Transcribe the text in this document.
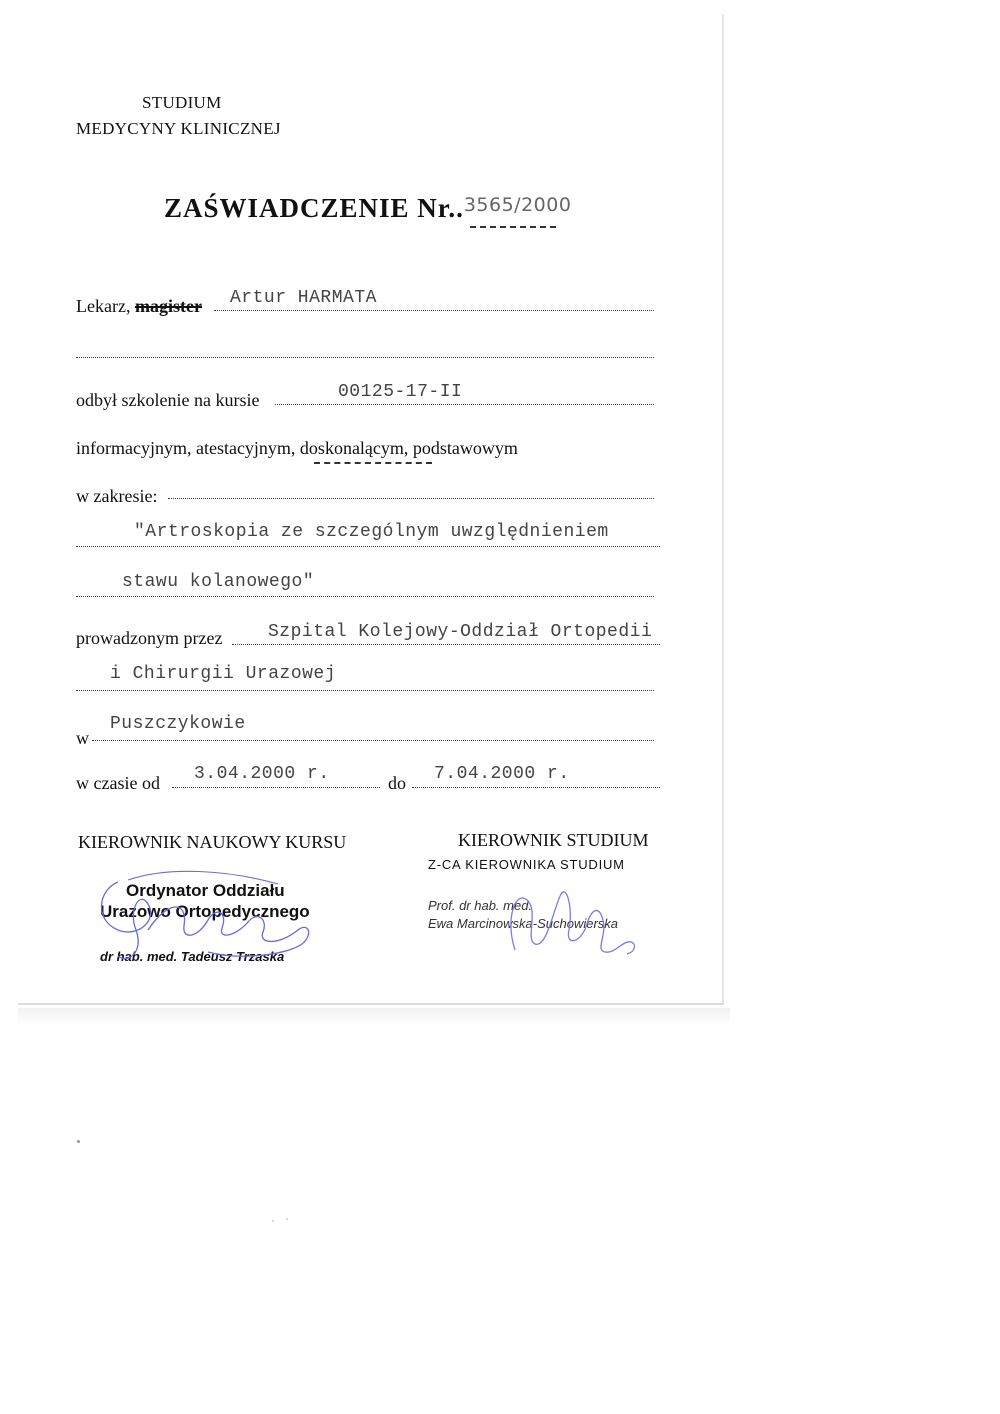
STUDIUM
MEDYCYNY KLINICZNEJ
ZAŚWIADCZENIE Nr..3565/2000
Lekarz, magister Artur HARMATA
odbył szkolenie na kursie	00125-17-II
informacyjnym, atestacyjnym, doskonalącym, podstawowym
w zakresie:
"Artroskopia ze szczególnym uwzględnieniem
stawu kolanowego"
prowadzonym przez	Szpital Kolejowy-Oddział Ortopedii
i Chirurgii Urazowej
w
Puszczykowie
w czasie od 3.04.2000 r.	do 7.04.2000 r.
KIEROWNIK NAUKOWY KURSU	KIEROWNIK STUDIUM
Z-CA KIEROWNIKA STUDIUM
Ordynator Oddziału
Urazowo Ortopedycznego
dr hab. med. Tadeusz Trzaska
Prof. dr hab. med.
Ewa Marcinowska-Suchowierska
